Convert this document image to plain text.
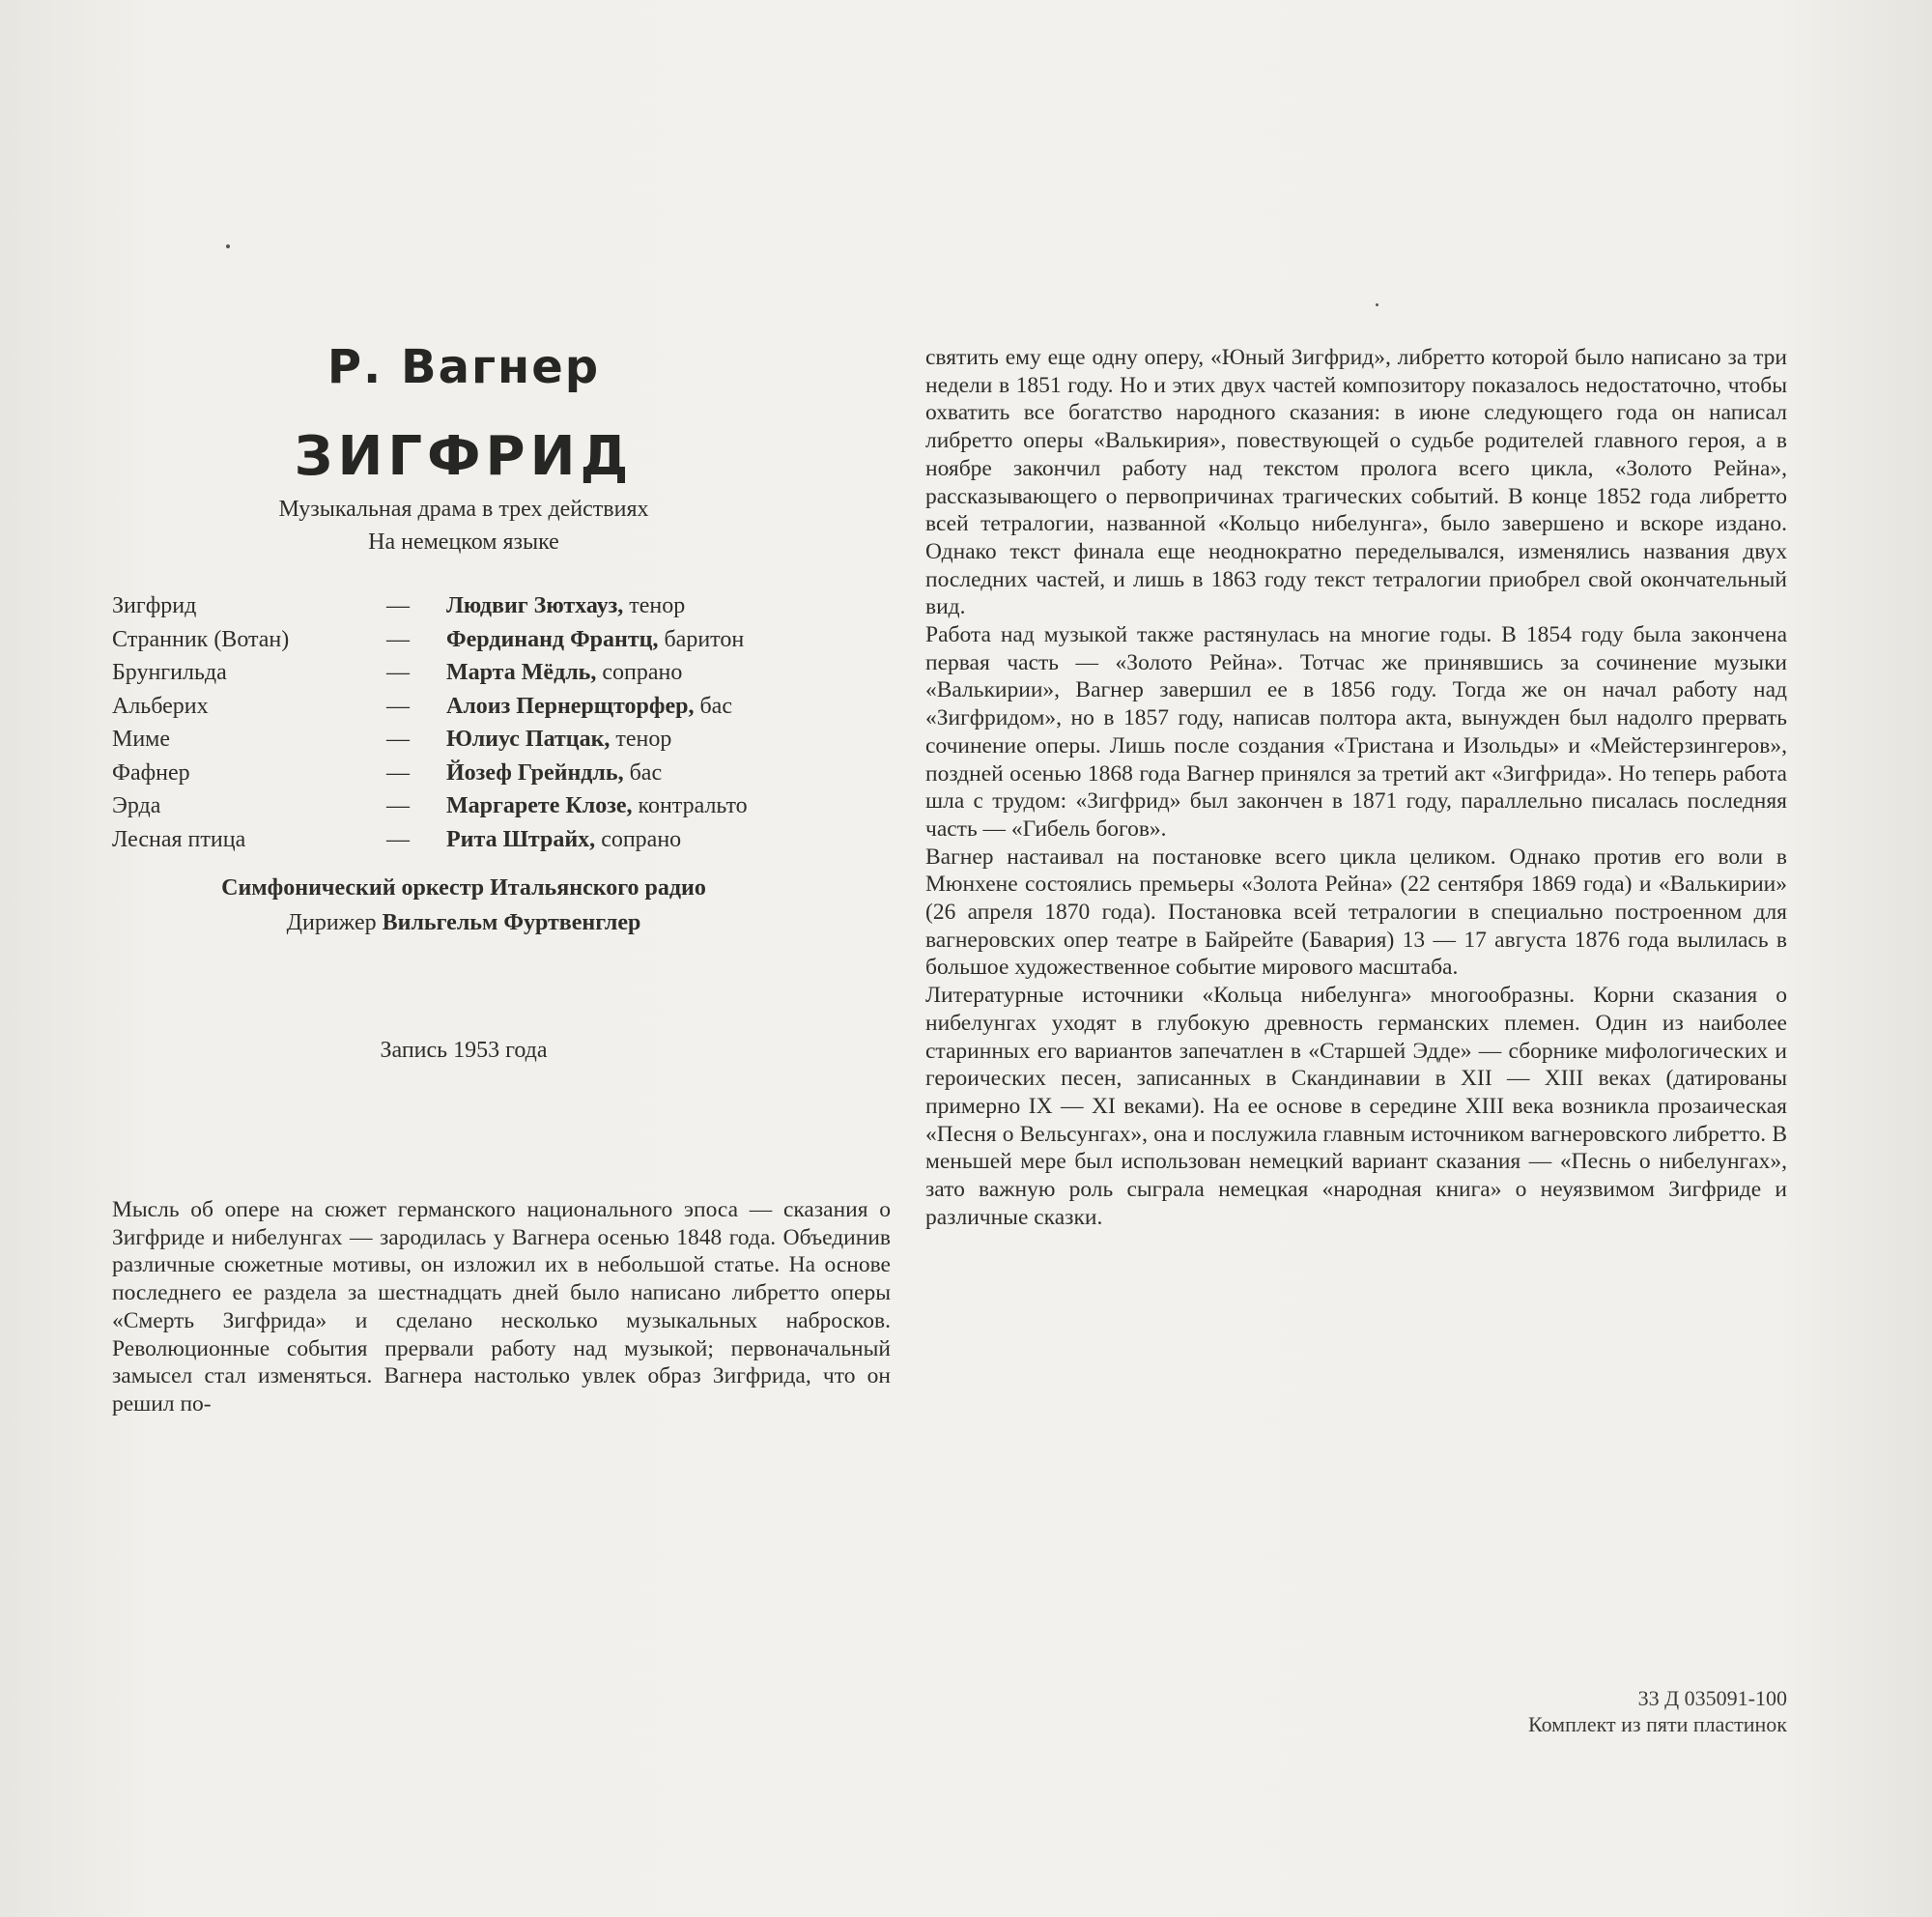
Р. Вагнер
ЗИГФРИД

Музыкальная драма в трех действиях

На немецком языке

Зигфрид	—	Людвиг Зютхауз, тенор
Странник (Вотан)	—	Фердинанд Франтц, баритон
Брунгильда	—	Марта Мёдль, сопрано
Альберих	—	Алоиз Пернерщторфер, бас
Миме	—	Юлиус Патцак, тенор
Фафнер	—	Йозеф Грейндль, бас
Эрда	—	Маргарете Клозе, контральто
Лесная птица	—	Рита Штрайх, сопрано

Симфонический оркестр Итальянского радио

Дирижер Вильгельм Фуртвенглер
Запись 1953 года

Мысль об опере на сюжет германского национального эпоса — сказания о Зигфриде и нибелунгах — зародилась у Вагнера осенью 1848 года. Объединив различные сюжетные мотивы, он изложил их в небольшой статье. На основе последнего ее раздела за шестнадцать дней было написано либретто оперы «Смерть Зигфрида» и сделано несколько музыкальных набросков. Революционные события прервали работу над музыкой; первоначальный замысел стал изменяться. Вагнера настолько увлек образ Зигфрида, что он решил по-

святить ему еще одну оперу, «Юный Зигфрид», либретто которой было написано за три недели в 1851 году. Но и этих двух частей композитору показалось недостаточно, чтобы охватить все богатство народного сказания: в июне следующего года он написал либретто оперы «Валькирия», повествующей о судьбе родителей главного героя, а в ноябре закончил работу над текстом пролога всего цикла, «Золото Рейна», рассказывающего о первопричинах трагических событий. В конце 1852 года либретто всей тетралогии, названной «Кольцо нибелунга», было завершено и вскоре издано. Однако текст финала еще неоднократно переделывался, изменялись названия двух последних частей, и лишь в 1863 году текст тетралогии приобрел свой окончательный вид.

Работа над музыкой также растянулась на многие годы. В 1854 году была закончена первая часть — «Золото Рейна». Тотчас же принявшись за сочинение музыки «Валькирии», Вагнер завершил ее в 1856 году. Тогда же он начал работу над «Зигфридом», но в 1857 году, написав полтора акта, вынужден был надолго прервать сочинение оперы. Лишь после создания «Тристана и Изольды» и «Мейстерзингеров», поздней осенью 1868 года Вагнер принялся за третий акт «Зигфрида». Но теперь работа шла с трудом: «Зигфрид» был закончен в 1871 году, параллельно писалась последняя часть — «Гибель богов».

Вагнер настаивал на постановке всего цикла целиком. Однако против его воли в Мюнхене состоялись премьеры «Золота Рейна» (22 сентября 1869 года) и «Валькирии» (26 апреля 1870 года). Постановка всей тетралогии в специально построенном для вагнеровских опер театре в Байрейте (Бавария) 13 — 17 августа 1876 года вылилась в большое художественное событие мирового масштаба.

Литературные источники «Кольца нибелунга» многообразны. Корни сказания о нибелунгах уходят в глубокую древность германских племен. Один из наиболее старинных его вариантов запечатлен в «Старшей Эдде» — сборнике мифологических и героических песен, записанных в Скандинавии в XII — XIII веках (датированы примерно IX — XI веками). На ее основе в середине XIII века возникла прозаическая «Песня о Вельсунгах», она и послужила главным источником вагнеровского либретто. В меньшей мере был использован немецкий вариант сказания — «Песнь о нибелунгах», зато важную роль сыграла немецкая «народная книга» о неуязвимом Зигфриде и различные сказки.

33 Д 035091-100
Комплект из пяти пластинок
